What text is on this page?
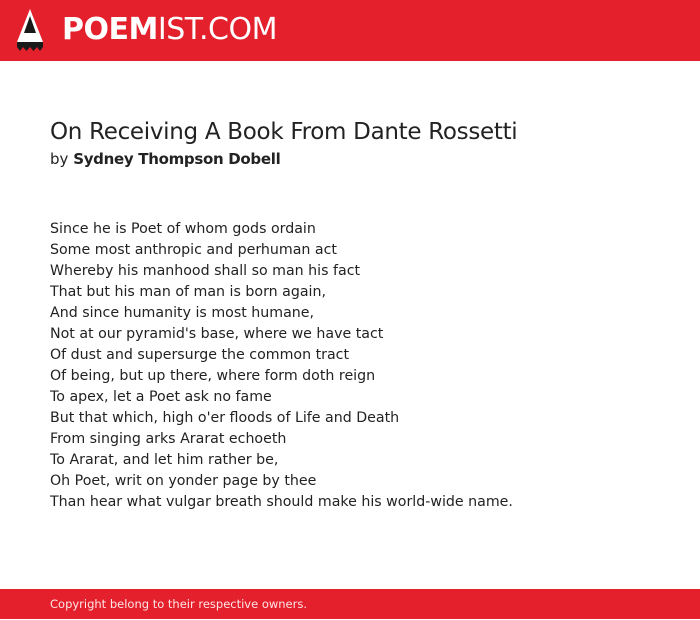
POEMIST.COM
On Receiving A Book From Dante Rossetti
by Sydney Thompson Dobell
Since he is Poet of whom gods ordain
Some most anthropic and perhuman act
Whereby his manhood shall so man his fact
That but his man of man is born again,
And since humanity is most humane,
Not at our pyramid's base, where we have tact
Of dust and supersurge the common tract
Of being, but up there, where form doth reign
To apex, let a Poet ask no fame
But that which, high o'er floods of Life and Death
From singing arks Ararat echoeth
To Ararat, and let him rather be,
Oh Poet, writ on yonder page by thee
Than hear what vulgar breath should make his world-wide name.
Copyright belong to their respective owners.
